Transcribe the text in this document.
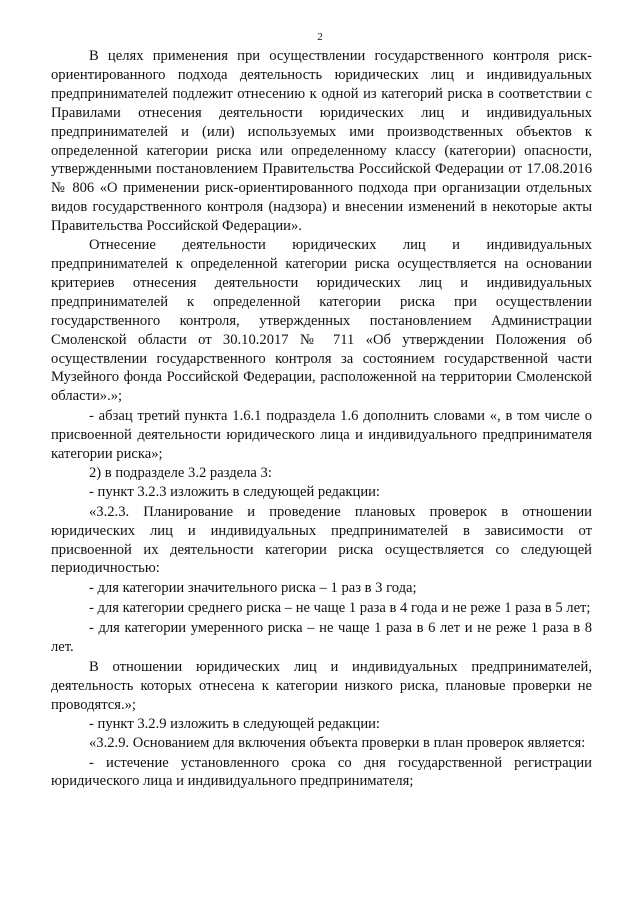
2

В целях применения при осуществлении государственного контроля риск-ориентированного подхода деятельность юридических лиц и индивидуальных предпринимателей подлежит отнесению к одной из категорий риска в соответствии с Правилами отнесения деятельности юридических лиц и индивидуальных предпринимателей и (или) используемых ими производственных объектов к определенной категории риска или определенному классу (категории) опасности, утвержденными постановлением Правительства Российской Федерации от 17.08.2016 № 806 «О применении риск-ориентированного подхода при организации отдельных видов государственного контроля (надзора) и внесении изменений в некоторые акты Правительства Российской Федерации».

Отнесение деятельности юридических лиц и индивидуальных предпринимателей к определенной категории риска осуществляется на основании критериев отнесения деятельности юридических лиц и индивидуальных предпринимателей к определенной категории риска при осуществлении государственного контроля, утвержденных постановлением Администрации Смоленской области от 30.10.2017 № 711 «Об утверждении Положения об осуществлении государственного контроля за состоянием государственной части Музейного фонда Российской Федерации, расположенной на территории Смоленской области».»;

- абзац третий пункта 1.6.1 подраздела 1.6 дополнить словами «, в том числе о присвоенной деятельности юридического лица и индивидуального предпринимателя категории риска»;

2) в подразделе 3.2 раздела 3:

- пункт 3.2.3 изложить в следующей редакции:

«3.2.3. Планирование и проведение плановых проверок в отношении юридических лиц и индивидуальных предпринимателей в зависимости от присвоенной их деятельности категории риска осуществляется со следующей периодичностью:

- для категории значительного риска – 1 раз в 3 года;

- для категории среднего риска – не чаще 1 раза в 4 года и не реже 1 раза в 5 лет;

- для категории умеренного риска – не чаще 1 раза в 6 лет и не реже 1 раза в 8 лет.

В отношении юридических лиц и индивидуальных предпринимателей, деятельность которых отнесена к категории низкого риска, плановые проверки не проводятся.»;

- пункт 3.2.9 изложить в следующей редакции:

«3.2.9. Основанием для включения объекта проверки в план проверок является:

- истечение установленного срока со дня государственной регистрации юридического лица и индивидуального предпринимателя;
